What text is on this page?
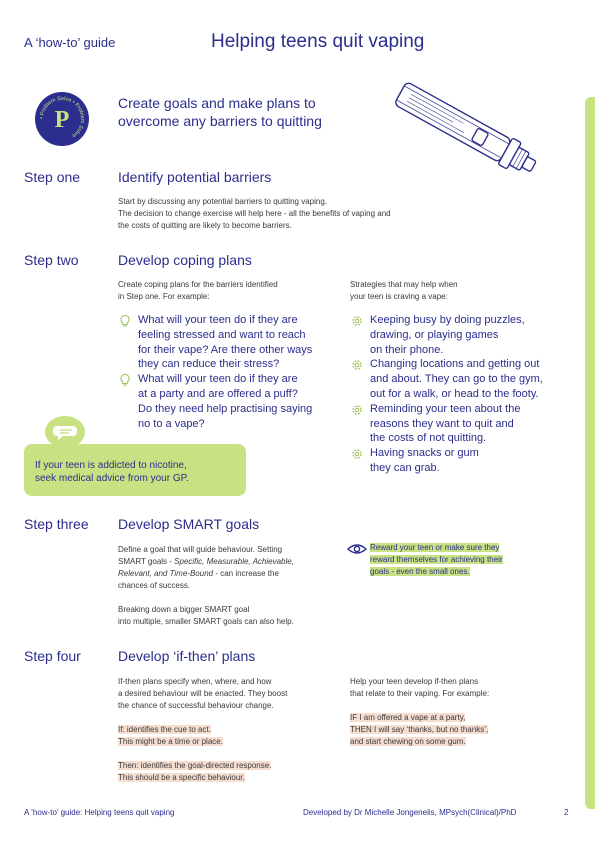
A ‘how-to’ guide	Helping teens quit vaping
• Problem Solve • Problem Solve
P
Create goals and make plans to
overcome any barriers to quitting
Step one	Identify potential barriers
Start by discussing any potential barriers to quitting vaping.
The decision to change exercise will help here - all the benefits of vaping and
the costs of quitting are likely to become barriers.
Step two	Develop coping plans
Create coping plans for the barriers identified
in Step one. For example:
What will your teen do if they are
feeling stressed and want to reach
for their vape? Are there other ways
they can reduce their stress?
What will your teen do if they are
at a party and are offered a puff?
Do they need help practising saying
no to a vape?
Strategies that may help when
your teen is craving a vape:
Keeping busy by doing puzzles,
drawing, or playing games
on their phone.
Changing locations and getting out
and about. They can go to the gym,
out for a walk, or head to the footy.
Reminding your teen about the
reasons they want to quit and
the costs of not quitting.
Having snacks or gum
they can grab.
If your teen is addicted to nicotine,
seek medical advice from your GP.
Step three Develop SMART goals
Define a goal that will guide behaviour. Setting
SMART goals - Specific, Measurable, Achievable,
Relevant, and Time-Bound - can increase the
chances of success.
Breaking down a bigger SMART goal
into multiple, smaller SMART goals can also help.
Reward your teen or make sure they
reward themselves for achieving their
goals - even the small ones.
Step four	Develop ‘if-then’ plans
If-then plans specify when, where, and how
a desired behaviour will be enacted. They boost
the chance of successful behaviour change.
If: identifies the cue to act.
This might be a time or place.
Then: identifies the goal-directed response.
This should be a specific behaviour.
Help your teen develop if-then plans
that relate to their vaping. For example:
IF I am offered a vape at a party,
THEN I will say ‘thanks, but no thanks’,
and start chewing on some gum.
A ‘how-to’ guide: Helping teens quit vaping	Developed by Dr Michelle Jongenelis, MPsych(Clinical)/PhD	2
